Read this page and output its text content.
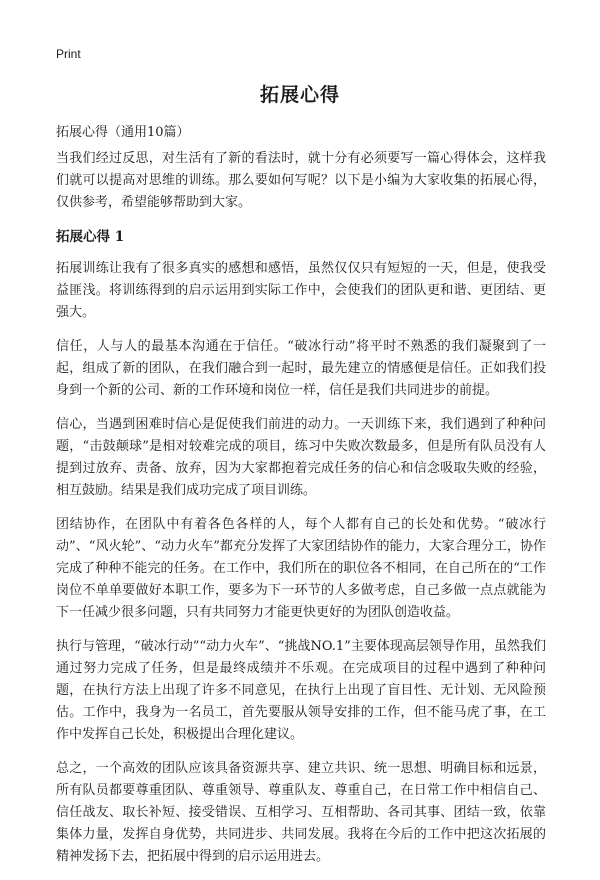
Print
拓展心得
拓展心得（通用10篇）

当我们经过反思，对生活有了新的看法时，就十分有必须要写一篇心得体会，这样我们就可以提高对思维的训练。那么要如何写呢？以下是小编为大家收集的拓展心得，仅供参考，希望能够帮助到大家。

拓展心得 1

拓展训练让我有了很多真实的感想和感悟，虽然仅仅只有短短的一天，但是，使我受益匪浅。将训练得到的启示运用到实际工作中，会使我们的团队更和谐、更团结、更强大。

信任，人与人的最基本沟通在于信任。“破冰行动”将平时不熟悉的我们凝聚到了一起，组成了新的团队，在我们融合到一起时，最先建立的情感便是信任。正如我们投身到一个新的公司、新的工作环境和岗位一样，信任是我们共同进步的前提。

信心，当遇到困难时信心是促使我们前进的动力。一天训练下来，我们遇到了种种问题，“击鼓颠球”是相对较难完成的项目，练习中失败次数最多，但是所有队员没有人提到过放弃、责备、放弃，因为大家都抱着完成任务的信心和信念吸取失败的经验，相互鼓励。结果是我们成功完成了项目训练。

团结协作，在团队中有着各色各样的人，每个人都有自己的长处和优势。“破冰行动”、“风火轮”、“动力火车”都充分发挥了大家团结协作的能力，大家合理分工，协作完成了种种不能完的任务。在工作中，我们所在的职位各不相同，在自己所在的“工作岗位不单单要做好本职工作，要多为下一环节的人多做考虑，自己多做一点点就能为下一任减少很多问题，只有共同努力才能更快更好的为团队创造收益。

执行与管理，“破冰行动”“动力火车”、“挑战NO.1”主要体现高层领导作用，虽然我们通过努力完成了任务，但是最终成绩并不乐观。在完成项目的过程中遇到了种种问题，在执行方法上出现了许多不同意见，在执行上出现了盲目性、无计划、无风险预估。工作中，我身为一名员工，首先要服从领导安排的工作，但不能马虎了事，在工作中发挥自己长处，积极提出合理化建议。

总之，一个高效的团队应该具备资源共享、建立共识、统一思想、明确目标和远景，所有队员都要尊重团队、尊重领导、尊重队友、尊重自己，在日常工作中相信自己、信任战友、取长补短、接受错误、互相学习、互相帮助、各司其事、团结一致，依靠集体力量，发挥自身优势，共同进步、共同发展。我将在今后的工作中把这次拓展的精神发扬下去，把拓展中得到的启示运用进去。
